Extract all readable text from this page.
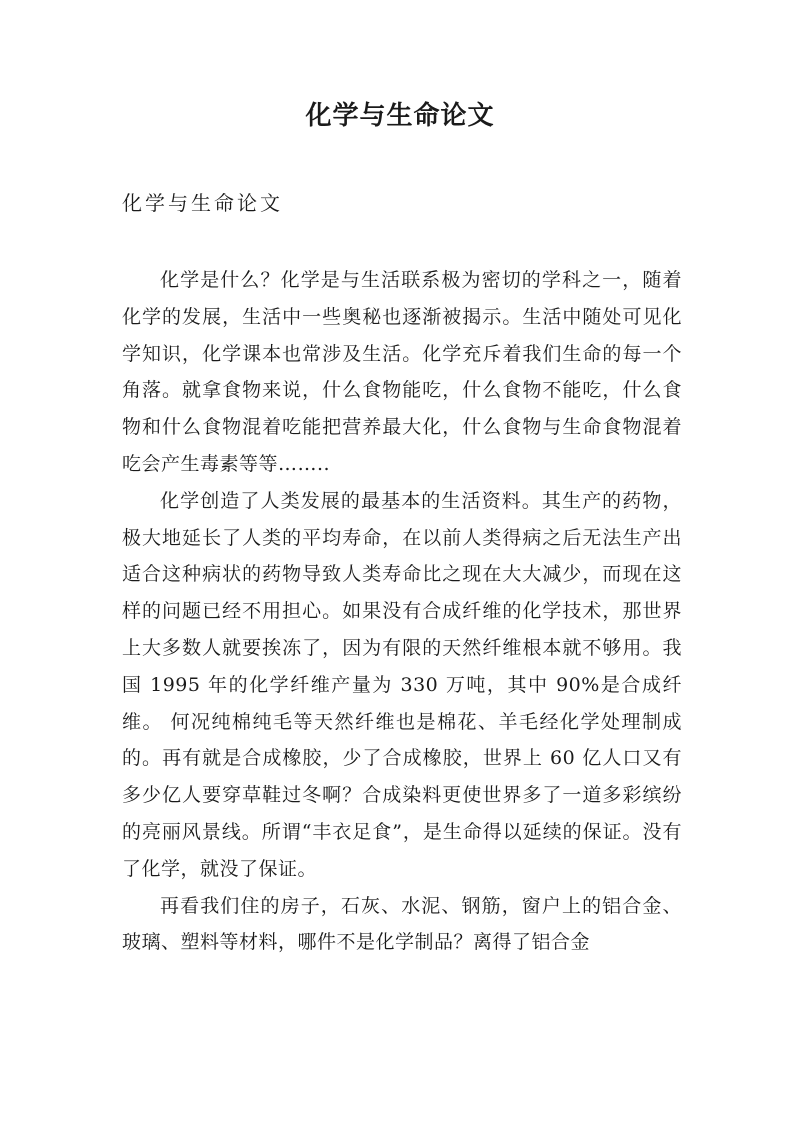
化学与生命论文

化学与生命论文

化学是什么？化学是与生活联系极为密切的学科之一，随着化学的发展，生活中一些奥秘也逐渐被揭示。生活中随处可见化学知识，化学课本也常涉及生活。化学充斥着我们生命的每一个角落。就拿食物来说，什么食物能吃，什么食物不能吃，什么食物和什么食物混着吃能把营养最大化，什么食物与生命食物混着吃会产生毒素等等……..

化学创造了人类发展的最基本的生活资料。其生产的药物，极大地延长了人类的平均寿命，在以前人类得病之后无法生产出 适合这种病状的药物导致人类寿命比之现在大大减少，而现在这样的问题已经不用担心。如果没有合成纤维的化学技术，那世界上大多数人就要挨冻了，因为有限的天然纤维根本就不够用。我国 1995 年的化学纤维产量为 330 万吨，其中 90%是合成纤维。 何况纯棉纯毛等天然纤维也是棉花、羊毛经化学处理制成的。再有就是合成橡胶，少了合成橡胶，世界上 60 亿人口又有多少亿人要穿草鞋过冬啊？合成染料更使世界多了一道多彩缤纷的亮丽风景线。所谓“丰衣足食”，是生命得以延续的保证。没有了化学，就没了保证。

再看我们住的房子，石灰、水泥、钢筋，窗户上的铝合金、玻璃、塑料等材料，哪件不是化学制品？离得了铝合金
